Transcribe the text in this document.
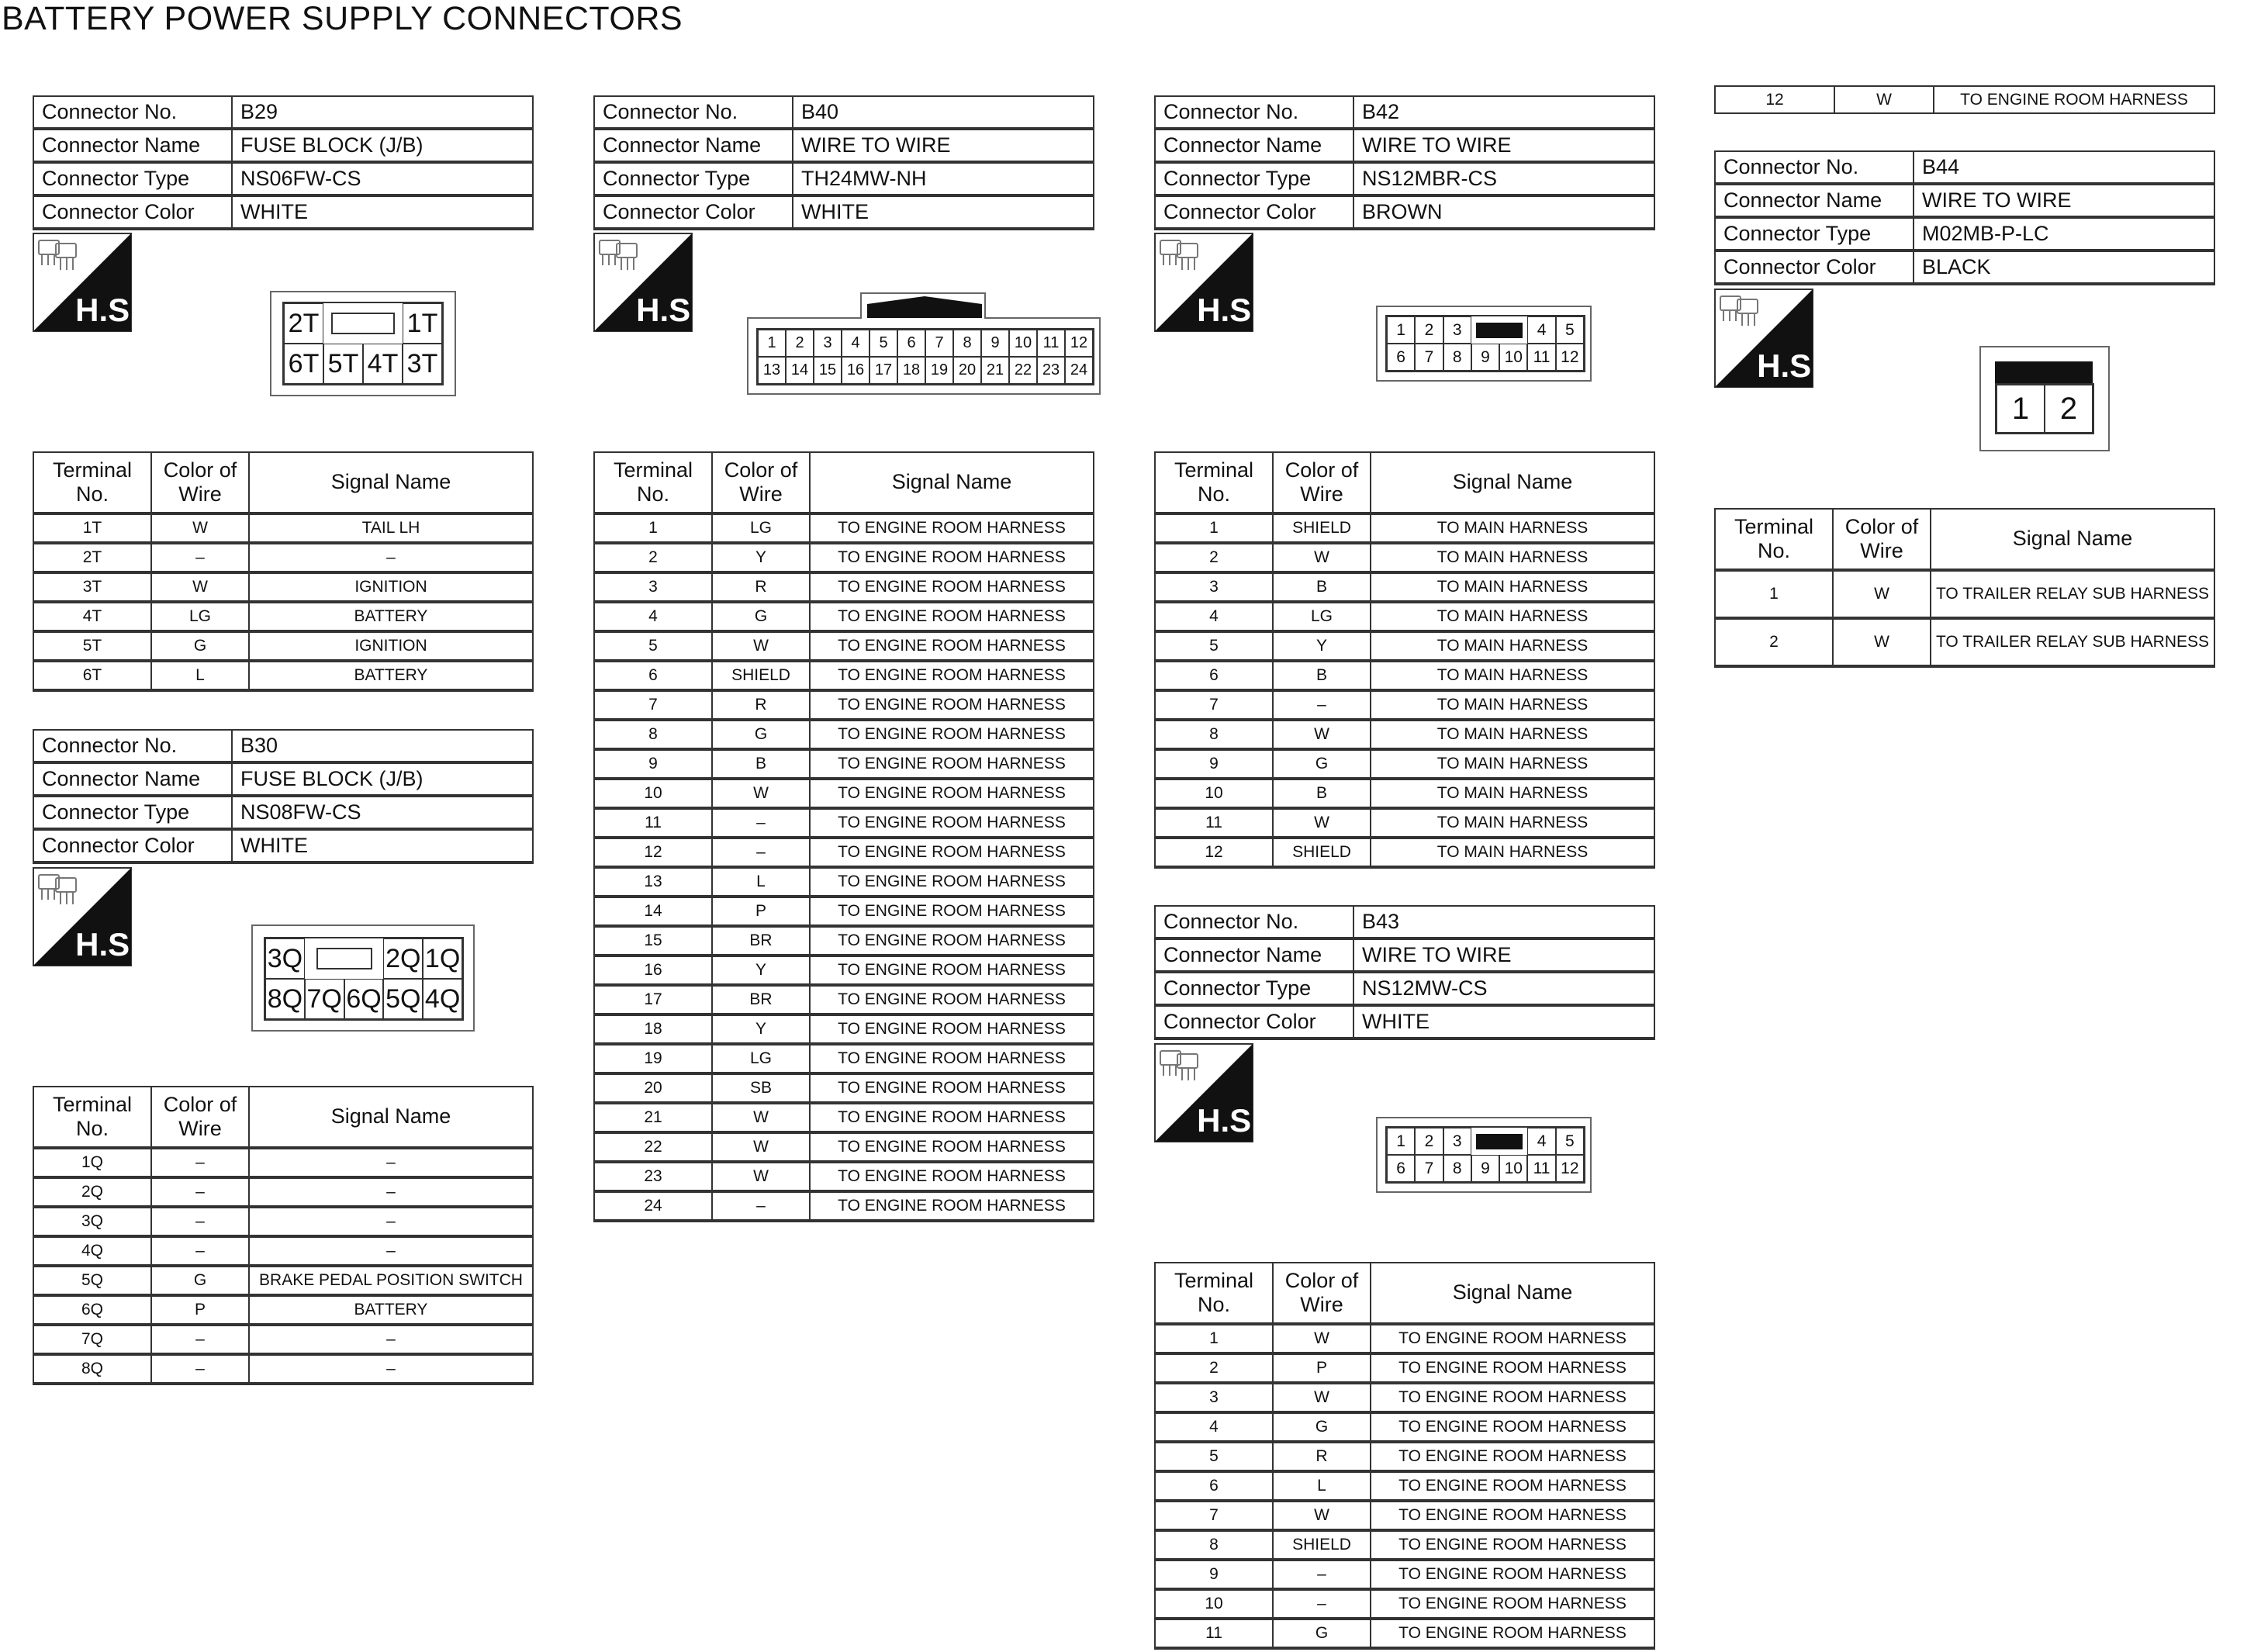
BATTERY POWER SUPPLY CONNECTORS
Connector No.	B29
Connector Name	FUSE BLOCK (J/B)
Connector Type	NS06FW-CS
Connector Color	WHITE
H.S.	2T	1T
6T 5T 4T 3T
Terminal
No.	Color of
Wire	Signal Name
1T	W	TAIL LH
2T	–	–
3T	W	IGNITION
4T	LG	BATTERY
5T	G	IGNITION
6T	L	BATTERY
Connector No.	B30
Connector Name	FUSE BLOCK (J/B)
Connector Type	NS08FW-CS
Connector Color	WHITE
H.S.	3Q	2Q 1Q
8Q 7Q 6Q 5Q 4Q
Terminal
No.	Color of
Wire	Signal Name
1Q	–	–
2Q	–	–
3Q	–	–
4Q	–	–
5Q	G	BRAKE PEDAL POSITION SWITCH
6Q	P	BATTERY
7Q	–	–
8Q	–	–
Connector No.	B40
Connector Name	WIRE TO WIRE
Connector Type	TH24MW-NH
Connector Color	WHITE
H.S.
1	2	3	4	5	6	7	8	9 10 11 12
13 14 15 16 17 18 19 20 21 22 23 24
Terminal
No.	Color of
Wire	Signal Name
1	LG	TO ENGINE ROOM HARNESS
2	Y	TO ENGINE ROOM HARNESS
3	R	TO ENGINE ROOM HARNESS
4	G	TO ENGINE ROOM HARNESS
5	W	TO ENGINE ROOM HARNESS
6	SHIELD	TO ENGINE ROOM HARNESS
7	R	TO ENGINE ROOM HARNESS
8	G	TO ENGINE ROOM HARNESS
9	B	TO ENGINE ROOM HARNESS
10	W	TO ENGINE ROOM HARNESS
11	–	TO ENGINE ROOM HARNESS
12	–	TO ENGINE ROOM HARNESS
13	L	TO ENGINE ROOM HARNESS
14	P	TO ENGINE ROOM HARNESS
15	BR	TO ENGINE ROOM HARNESS
16	Y	TO ENGINE ROOM HARNESS
17	BR	TO ENGINE ROOM HARNESS
18	Y	TO ENGINE ROOM HARNESS
19	LG	TO ENGINE ROOM HARNESS
20	SB	TO ENGINE ROOM HARNESS
21	W	TO ENGINE ROOM HARNESS
22	W	TO ENGINE ROOM HARNESS
23	W	TO ENGINE ROOM HARNESS
24	–	TO ENGINE ROOM HARNESS
Connector No.	B42
Connector Name	WIRE TO WIRE
Connector Type	NS12MBR-CS
Connector Color	BROWN
H.S.
1	2	3	4	5
6	7	8	9 10 11 12
Terminal
No.	Color of
Wire	Signal Name
1	SHIELD	TO MAIN HARNESS
2	W	TO MAIN HARNESS
3	B	TO MAIN HARNESS
4	LG	TO MAIN HARNESS
5	Y	TO MAIN HARNESS
6	B	TO MAIN HARNESS
7	–	TO MAIN HARNESS
8	W	TO MAIN HARNESS
9	G	TO MAIN HARNESS
10	B	TO MAIN HARNESS
11	W	TO MAIN HARNESS
12	SHIELD	TO MAIN HARNESS
Connector No.	B43
Connector Name	WIRE TO WIRE
Connector Type	NS12MW-CS
Connector Color	WHITE
H.S.
1	2	3	4	5
6	7	8	9 10 11 12
Terminal
No.	Color of
Wire	Signal Name
1	W	TO ENGINE ROOM HARNESS
2	P	TO ENGINE ROOM HARNESS
3	W	TO ENGINE ROOM HARNESS
4	G	TO ENGINE ROOM HARNESS
5	R	TO ENGINE ROOM HARNESS
6	L	TO ENGINE ROOM HARNESS
7	W	TO ENGINE ROOM HARNESS
8	SHIELD	TO ENGINE ROOM HARNESS
9	–	TO ENGINE ROOM HARNESS
10	–	TO ENGINE ROOM HARNESS
11	G	TO ENGINE ROOM HARNESS
12	W	TO ENGINE ROOM HARNESS
Connector No.	B44
Connector Name	WIRE TO WIRE
Connector Type	M02MB-P-LC
Connector Color	BLACK
H.S.
1 2
Terminal
No.	Color of
Wire	Signal Name
1	W	TO TRAILER RELAY SUB HARNESS
2	W	TO TRAILER RELAY SUB HARNESS
